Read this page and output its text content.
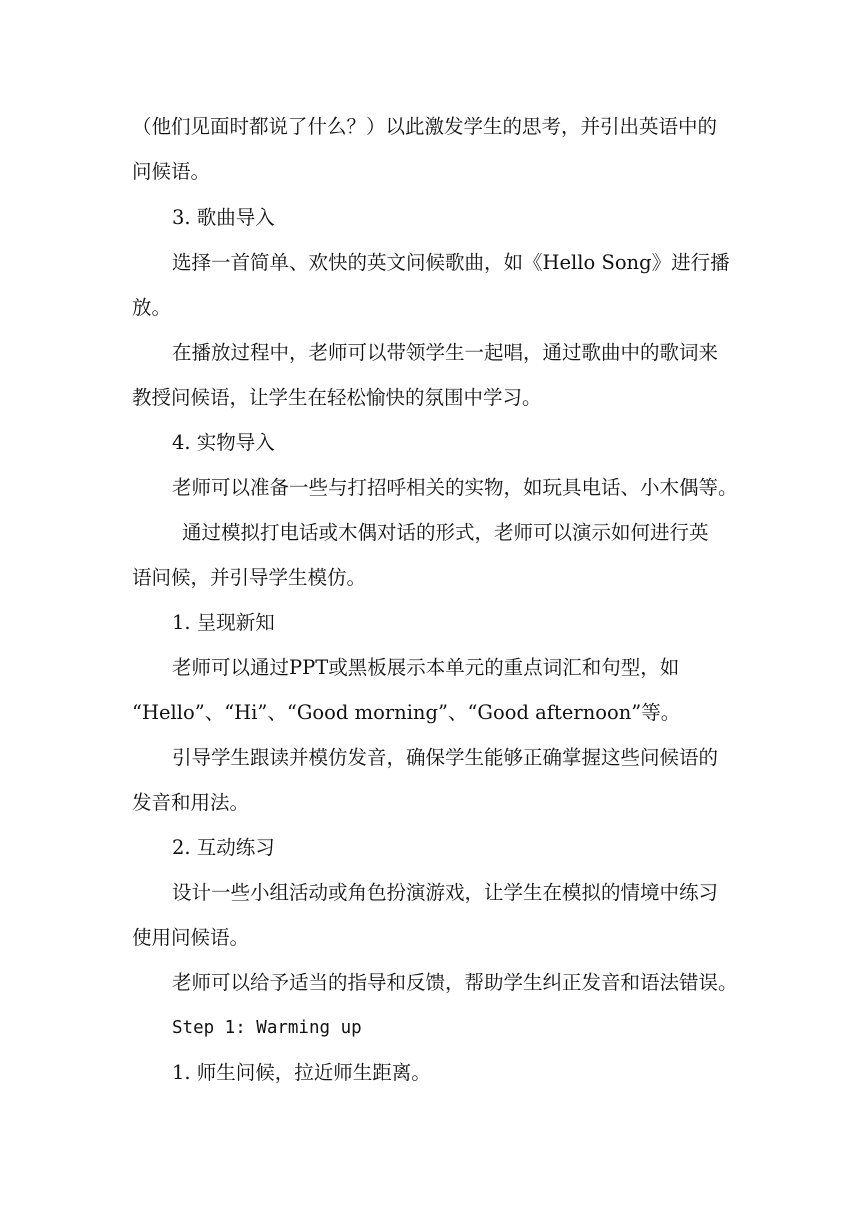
（他们见面时都说了什么？）以此激发学生的思考，并引出英语中的
问候语。
3. 歌曲导入
选择一首简单、欢快的英文问候歌曲，如《Hello Song》进行播
放。
在播放过程中，老师可以带领学生一起唱，通过歌曲中的歌词来
教授问候语，让学生在轻松愉快的氛围中学习。
4. 实物导入
老师可以准备一些与打招呼相关的实物，如玩具电话、小木偶等。
通过模拟打电话或木偶对话的形式，老师可以演示如何进行英
语问候，并引导学生模仿。
1. 呈现新知
老师可以通过PPT或黑板展示本单元的重点词汇和句型，如
“Hello”、“Hi”、“Good morning”、“Good afternoon”等。
引导学生跟读并模仿发音，确保学生能够正确掌握这些问候语的
发音和用法。
2. 互动练习
设计一些小组活动或角色扮演游戏，让学生在模拟的情境中练习
使用问候语。
老师可以给予适当的指导和反馈，帮助学生纠正发音和语法错误。
Step 1: Warming up
1. 师生问候，拉近师生距离。
